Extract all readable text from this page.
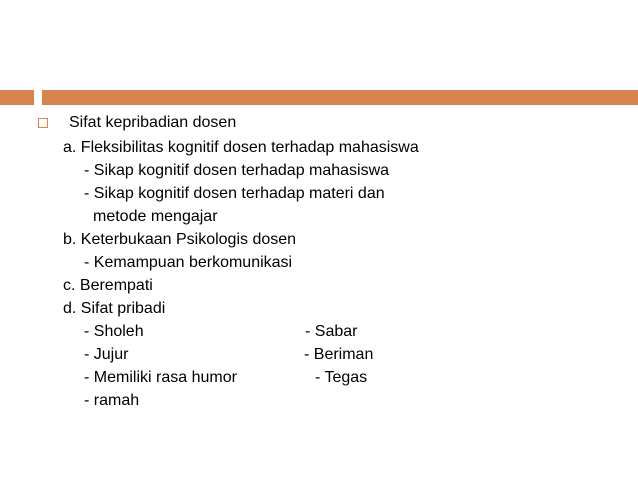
Sifat kepribadian dosen
a. Fleksibilitas kognitif dosen terhadap mahasiswa
- Sikap kognitif dosen terhadap mahasiswa
- Sikap kognitif dosen terhadap materi dan
metode mengajar
b. Keterbukaan Psikologis dosen
- Kemampuan berkomunikasi
c. Berempati
d. Sifat pribadi
- Sholeh
- Jujur
- Memiliki rasa humor
- ramah
- Sabar
- Beriman
- Tegas
